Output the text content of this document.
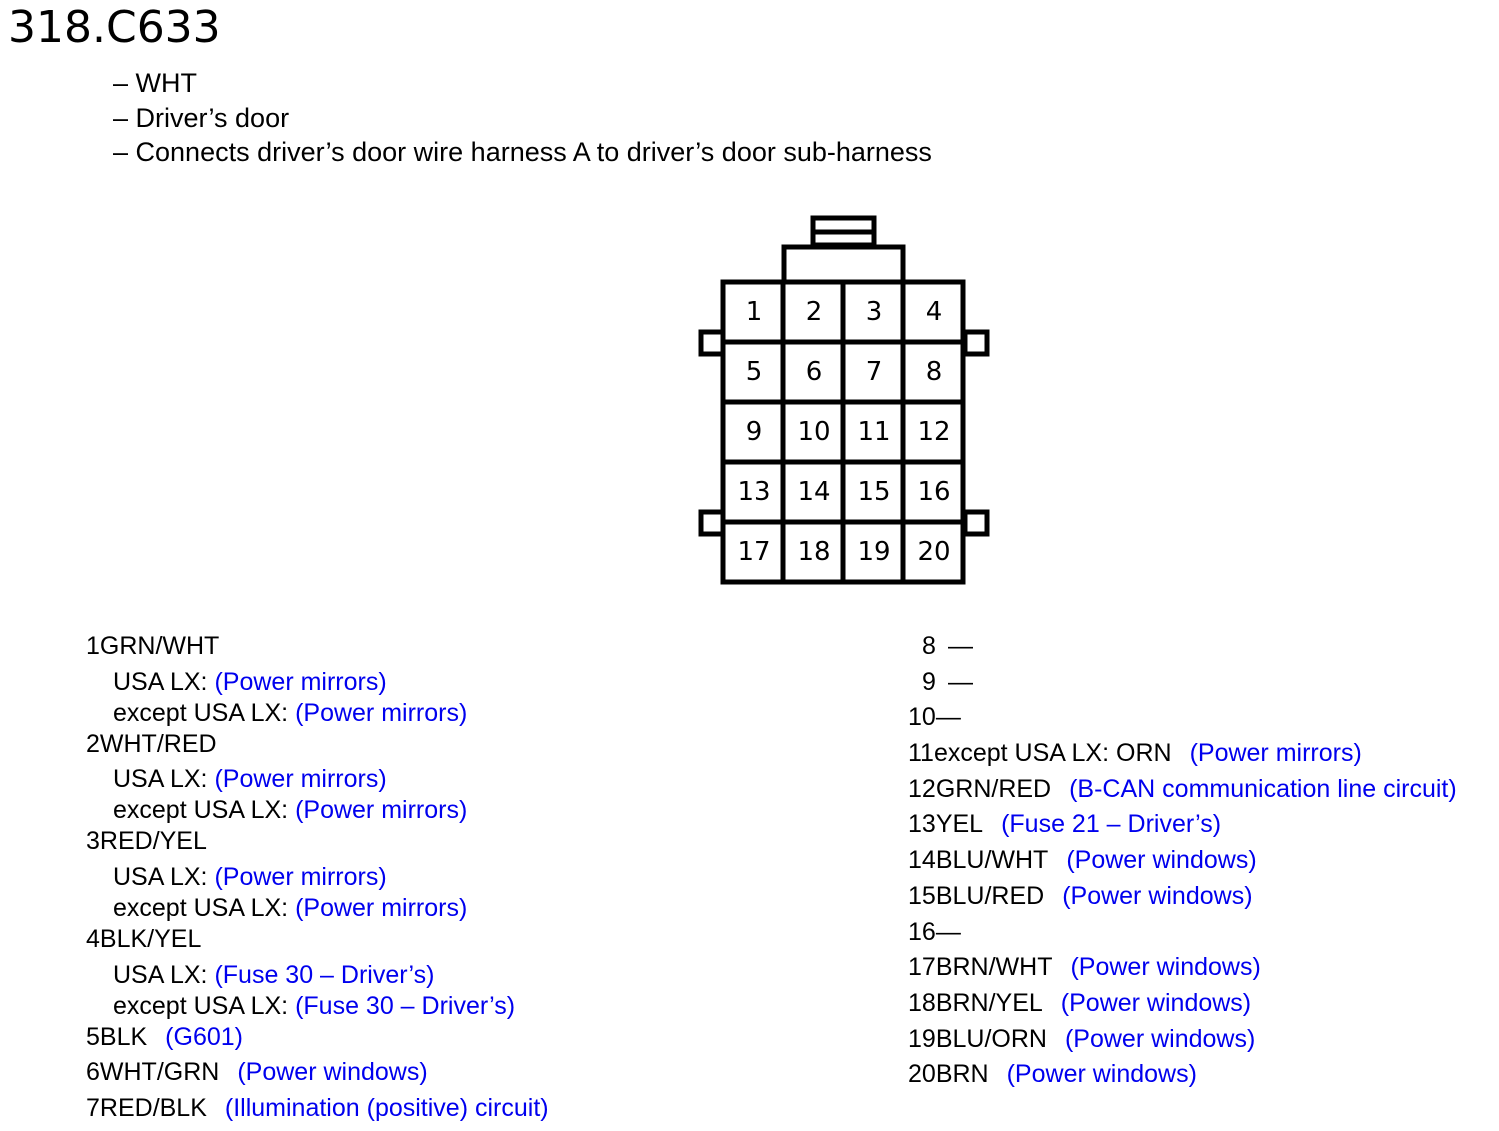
318.C633
– WHT
– Driver’s door
– Connects driver’s door wire harness A to driver’s door sub-harness
1 2 3 4
5 6 7 8
9 10 11 12
13 14 15 16
17 18 19 20
1GRN/WHT
USA LX: (Power mirrors)
except USA LX: (Power mirrors)
2WHT/RED
USA LX: (Power mirrors)
except USA LX: (Power mirrors)
3RED/YEL
USA LX: (Power mirrors)
except USA LX: (Power mirrors)
4BLK/YEL
USA LX: (Fuse 30 – Driver’s)
except USA LX: (Fuse 30 – Driver’s)
5BLK (G601)
6WHT/GRN (Power windows)
7RED/BLK (Illumination (positive) circuit)
8 —
9 —
10—
11except USA LX: ORN (Power mirrors)
12GRN/RED (B-CAN communication line circuit)
13YEL (Fuse 21 – Driver’s)
14BLU/WHT (Power windows)
15BLU/RED (Power windows)
16—
17BRN/WHT (Power windows)
18BRN/YEL (Power windows)
19BLU/ORN (Power windows)
20BRN (Power windows)
